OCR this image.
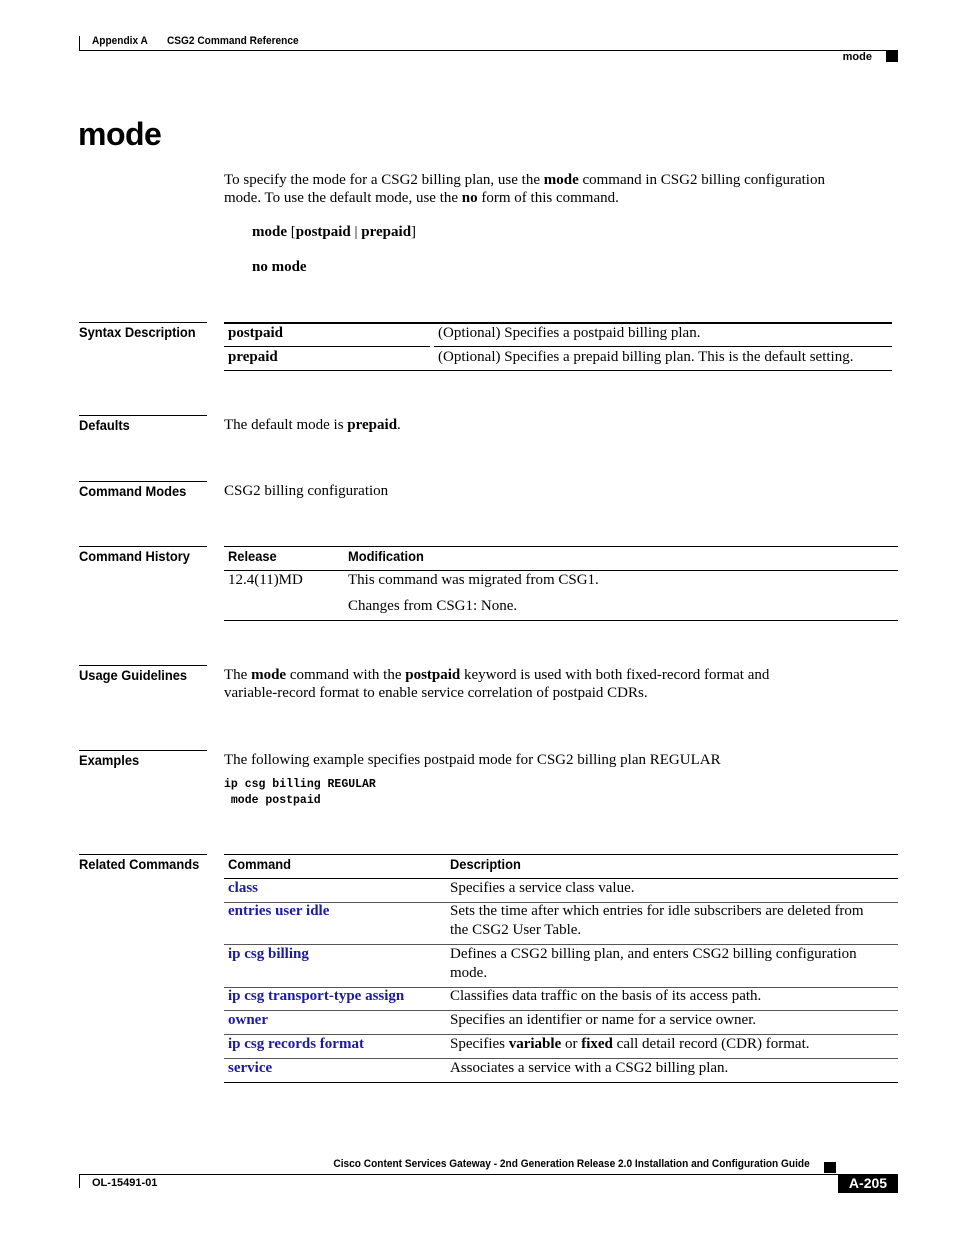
Appendix A CSG2 Command Reference
mode
mode
To specify the mode for a CSG2 billing plan, use the mode command in CSG2 billing configuration
mode. To use the default mode, use the no form of this command.
mode [postpaid | prepaid]
no mode
Syntax Description	postpaid	(Optional) Specifies a postpaid billing plan.
prepaid	(Optional) Specifies a prepaid billing plan. This is the default setting.
Defaults	The default mode is prepaid.
Command Modes	CSG2 billing configuration
Command History	Release	Modification
12.4(11)MD	This command was migrated from CSG1.
Changes from CSG1: None.
Usage Guidelines	The mode command with the postpaid keyword is used with both fixed-record format and
variable-record format to enable service correlation of postpaid CDRs.
Examples	The following example specifies postpaid mode for CSG2 billing plan REGULAR
ip csg billing REGULAR
mode postpaid
Related Commands	Command	Description
class	Specifies a service class value.
entries user idle	Sets the time after which entries for idle subscribers are deleted from
the CSG2 User Table.
ip csg billing	Defines a CSG2 billing plan, and enters CSG2 billing configuration
mode.
ip csg transport-type assign	Classifies data traffic on the basis of its access path.
owner	Specifies an identifier or name for a service owner.
ip csg records format	Specifies variable or fixed call detail record (CDR) format.
service	Associates a service with a CSG2 billing plan.
Cisco Content Services Gateway - 2nd Generation Release 2.0 Installation and Configuration Guide
OL-15491-01	A-205
